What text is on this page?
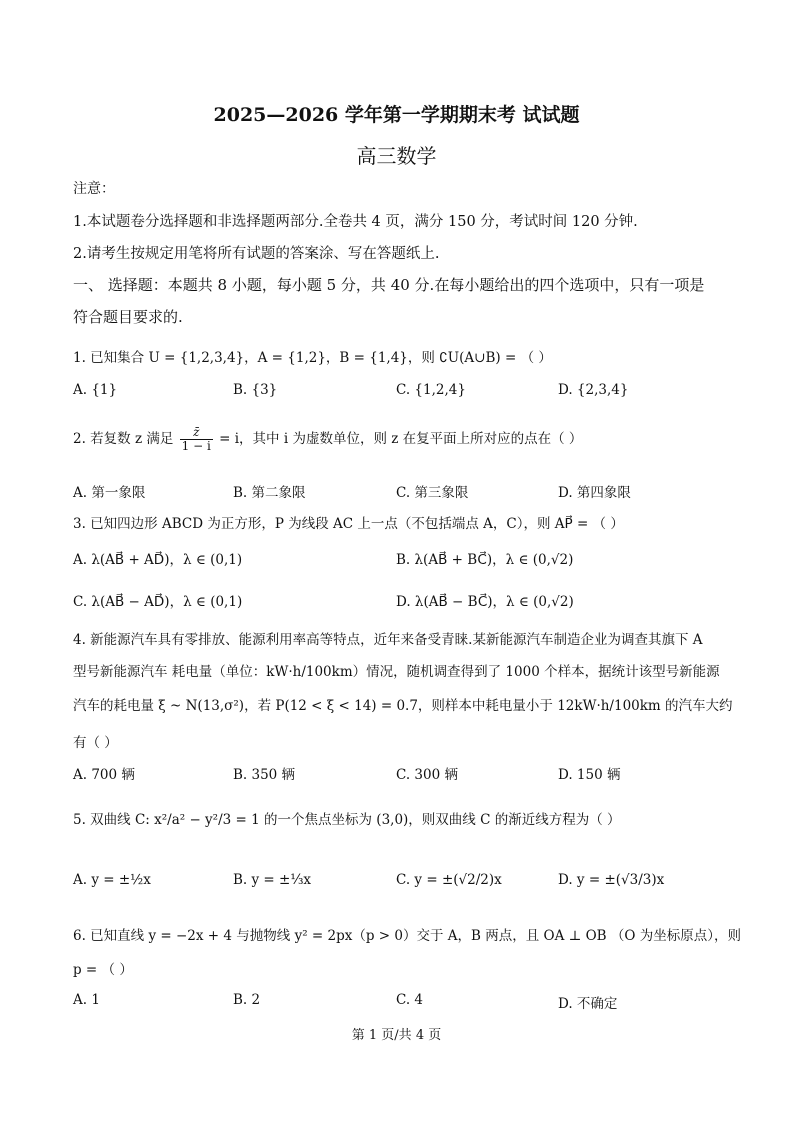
2025—2026 学年第一学期期末考 试试题
高三数学
注意：
1.本试题卷分选择题和非选择题两部分.全卷共 4 页，满分 150 分，考试时间 120 分钟.
2.请考生按规定用笔将所有试题的答案涂、写在答题纸上.
一、 选择题：本题共 8 小题，每小题 5 分，共 40 分.在每小题给出的四个选项中，只有一项是
符合题目要求的.
1. 已知集合 U = {1,2,3,4}，A = {1,2}，B = {1,4}，则 ∁U(A∪B) = （ ）
A. {1}	B. {3}	C. {1,2,4}	D. {2,3,4}
2. 若复数 z 满足 $\frac{z̄}{1 - i} = i$，其中 i 为虚数单位，则 z 在复平面上所对应的点在（ ）
A. 第一象限	B. 第二象限	C. 第三象限	D. 第四象限
3. 已知四边形 ABCD 为正方形，P 为线段 AC 上一点（不包括端点 A，C），则 AP⃗ = （ ）
A. λ(AB⃗ + AD⃗)，λ ∈ (0,1)	B. λ(AB⃗ + BC⃗)，λ ∈ (0,√2)
C. λ(AB⃗ − AD⃗)，λ ∈ (0,1)	D. λ(AB⃗ − BC⃗)，λ ∈ (0,√2)
4. 新能源汽车具有零排放、能源利用率高等特点，近年来备受青睐.某新能源汽车制造企业为调查其旗下 A
型号新能源汽车 耗电量（单位：kW·h/100km）情况，随机调查得到了 1000 个样本，据统计该型号新能源
汽车的耗电量 ξ ~ N(13,σ²)，若 P(12 < ξ < 14) = 0.7，则样本中耗电量小于 12kW·h/100km 的汽车大约
有（ ）
A. 700 辆	B. 350 辆	C. 300 辆	D. 150 辆
5. 双曲线 C: x²/a² − y²/3 = 1 的一个焦点坐标为 (3,0)，则双曲线 C 的渐近线方程为（ ）
A. y = ±½x	B. y = ±⅓x	C. y = ±(√2/2)x	D. y = ±(√3/3)x
6. 已知直线 y = −2x + 4 与抛物线 y² = 2px（p > 0）交于 A，B 两点，且 OA ⊥ OB （O 为坐标原点），则
p = （ ）
A. 1	B. 2	C. 4	D. 不确定
第 1 页/共 4 页
